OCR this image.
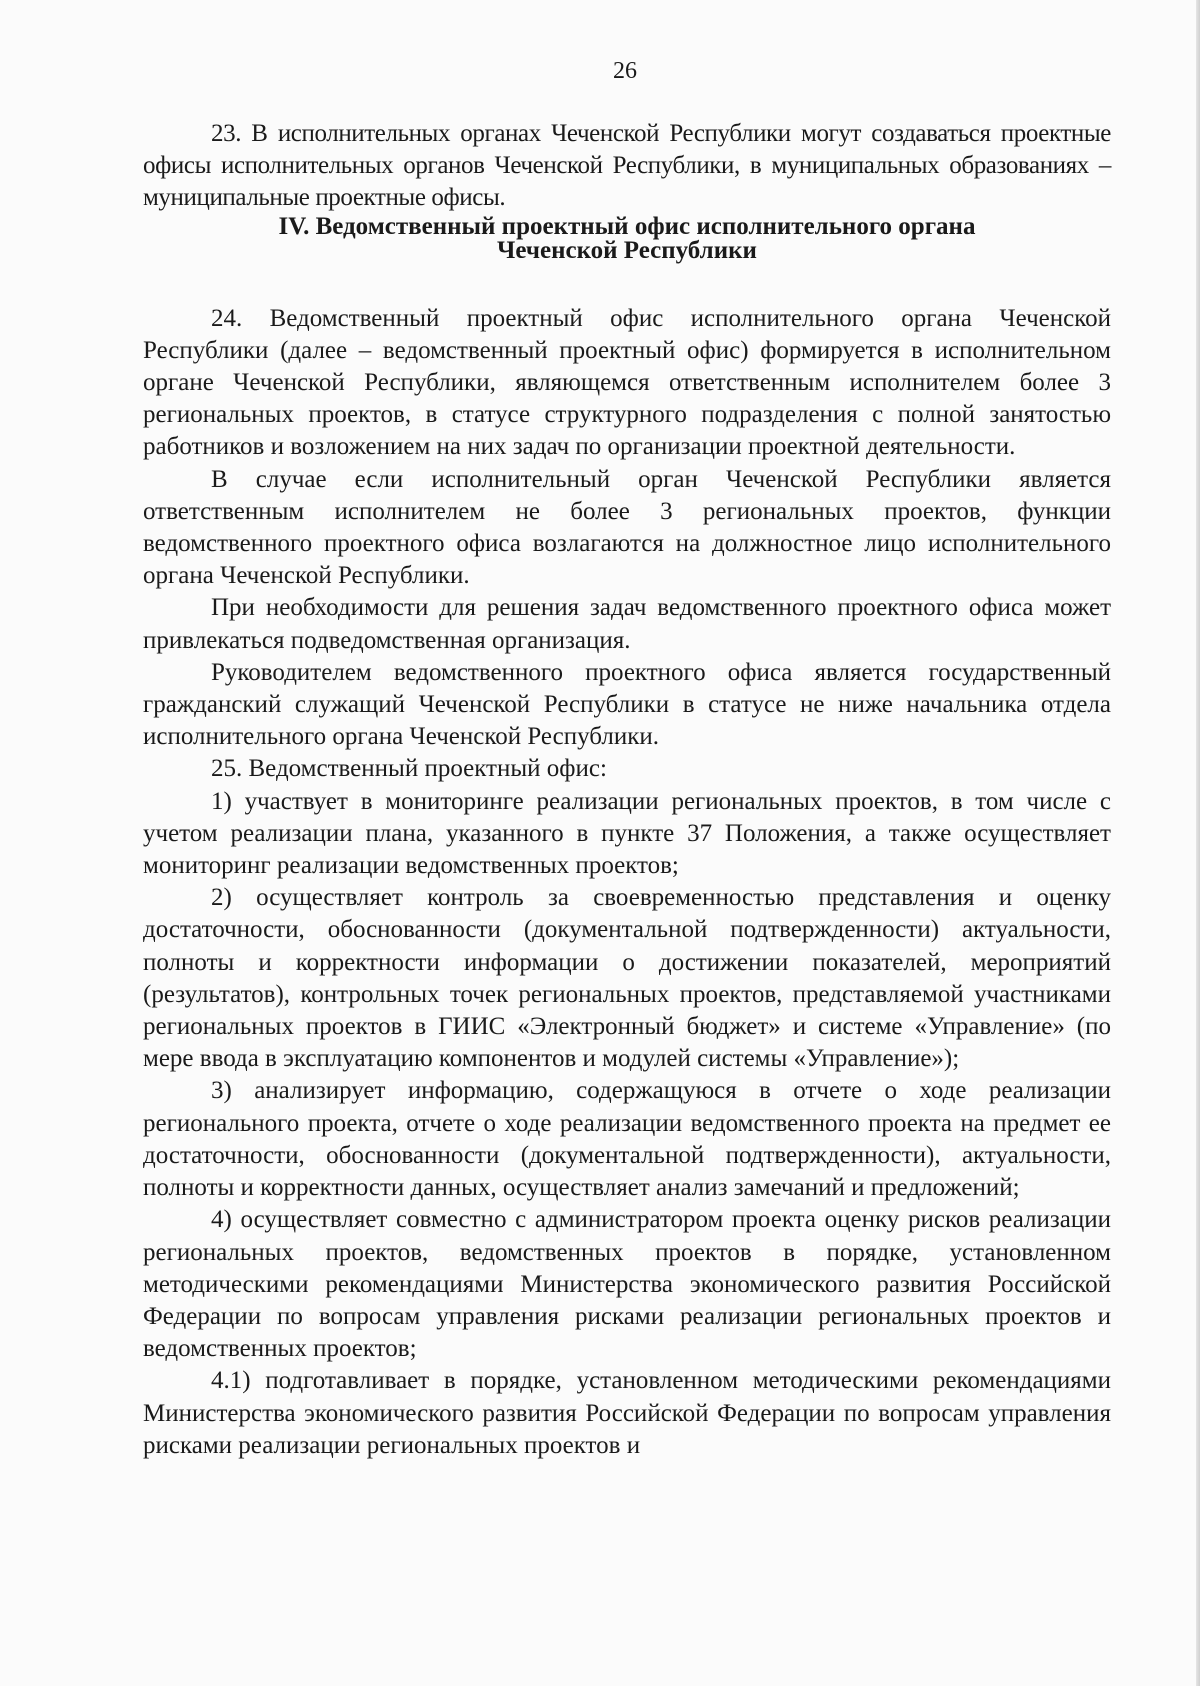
26

23. В исполнительных органах Чеченской Республики могут создаваться проектные офисы исполнительных органов Чеченской Республики, в муниципальных образованиях – муниципальные проектные офисы.

IV. Ведомственный проектный офис исполнительного органа
Чеченской Республики

24. Ведомственный проектный офис исполнительного органа Чеченской Республики (далее – ведомственный проектный офис) формируется в исполнительном органе Чеченской Республики, являющемся ответственным исполнителем более 3 региональных проектов, в статусе структурного подразделения с полной занятостью работников и возложением на них задач по организации проектной деятельности.

В случае если исполнительный орган Чеченской Республики является ответственным исполнителем не более 3 региональных проектов, функции ведомственного проектного офиса возлагаются на должностное лицо исполнительного органа Чеченской Республики.

При необходимости для решения задач ведомственного проектного офиса может привлекаться подведомственная организация.

Руководителем ведомственного проектного офиса является государственный гражданский служащий Чеченской Республики в статусе не ниже начальника отдела исполнительного органа Чеченской Республики.

25. Ведомственный проектный офис:

1) участвует в мониторинге реализации региональных проектов, в том числе с учетом реализации плана, указанного в пункте 37 Положения, а также осуществляет мониторинг реализации ведомственных проектов;

2) осуществляет контроль за своевременностью представления и оценку достаточности, обоснованности (документальной подтвержденности) актуальности, полноты и корректности информации о достижении показателей, мероприятий (результатов), контрольных точек региональных проектов, представляемой участниками региональных проектов в ГИИС «Электронный бюджет» и системе «Управление» (по мере ввода в эксплуатацию компонентов и модулей системы «Управление»);

3) анализирует информацию, содержащуюся в отчете о ходе реализации регионального проекта, отчете о ходе реализации ведомственного проекта на предмет ее достаточности, обоснованности (документальной подтвержденности), актуальности, полноты и корректности данных, осуществляет анализ замечаний и предложений;

4) осуществляет совместно с администратором проекта оценку рисков реализации региональных проектов, ведомственных проектов в порядке, установленном методическими рекомендациями Министерства экономического развития Российской Федерации по вопросам управления рисками реализации региональных проектов и ведомственных проектов;

4.1) подготавливает в порядке, установленном методическими рекомендациями Министерства экономического развития Российской Федерации по вопросам управления рисками реализации региональных проектов и
